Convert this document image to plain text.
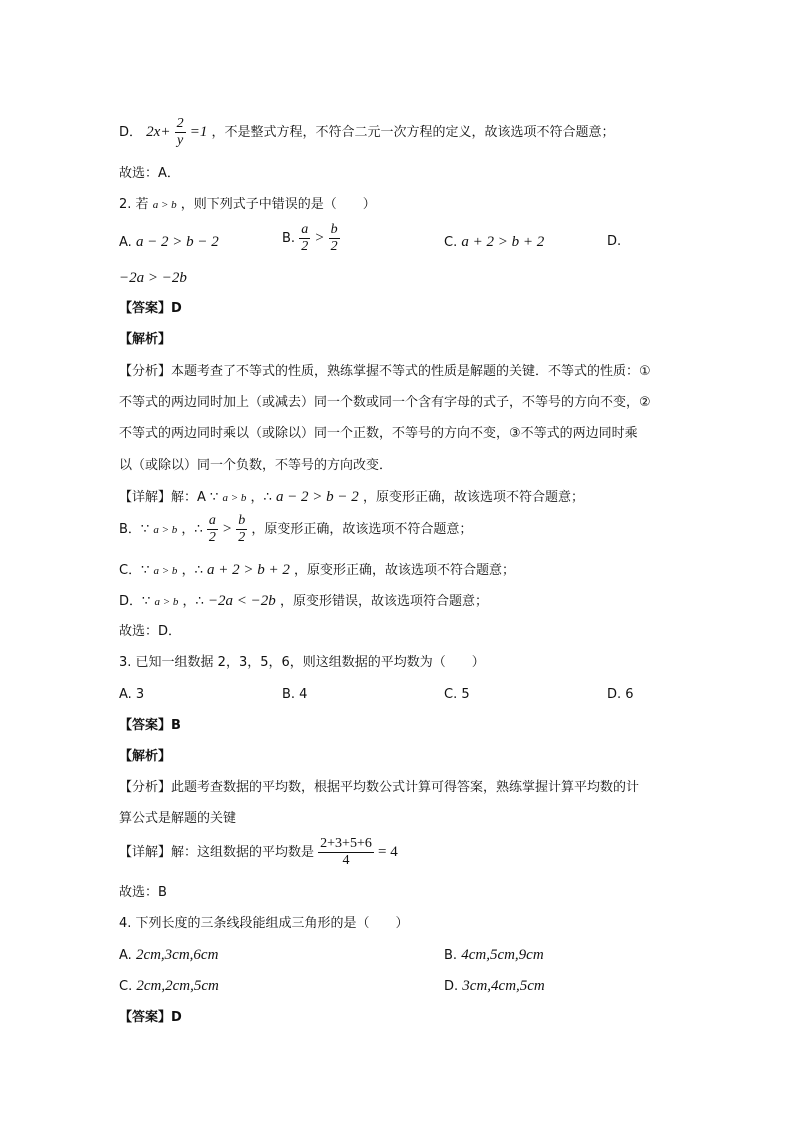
D． $2x+ \frac{2}{y} =1$ ，不是整式方程，不符合二元一次方程的定义，故该选项不符合题意；
故选：A．
2. 若 a > b ，则下列式子中错误的是（　　）
A. a − 2 > b − 2	B. $\frac{a}{2} > \frac{b}{2}$	C. a + 2 > b + 2	D.
−2a > −2b
【答案】D
【解析】
【分析】本题考查了不等式的性质，熟练掌握不等式的性质是解题的关键．不等式的性质：①
不等式的两边同时加上（或减去）同一个数或同一个含有字母的式子，不等号的方向不变，②
不等式的两边同时乘以（或除以）同一个正数，不等号的方向不变，③不等式的两边同时乘
以（或除以）同一个负数，不等号的方向改变．
【详解】解：A ∵ a > b ，∴ a − 2 > b − 2 ，原变形正确，故该选项不符合题意；
B．∵ a > b ，∴ $\frac{a}{2} > \frac{b}{2}$ ，原变形正确，故该选项不符合题意；
C．∵ a > b ，∴ a + 2 > b + 2 ，原变形正确，故该选项不符合题意；
D．∵ a > b ，∴ −2a < −2b ，原变形错误，故该选项符合题意；
故选：D．
3. 已知一组数据 2，3，5，6，则这组数据的平均数为（　　）
A. 3	B. 4	C. 5	D. 6
【答案】B
【解析】
【分析】此题考查数据的平均数，根据平均数公式计算可得答案，熟练掌握计算平均数的计
算公式是解题的关键
【详解】解：这组数据的平均数是 $\frac{2+3+5+6}{4} = 4$
故选：B
4. 下列长度的三条线段能组成三角形的是（　　）
A. 2cm,3cm,6cm	B. 4cm,5cm,9cm
C. 2cm,2cm,5cm	D. 3cm,4cm,5cm
【答案】D
